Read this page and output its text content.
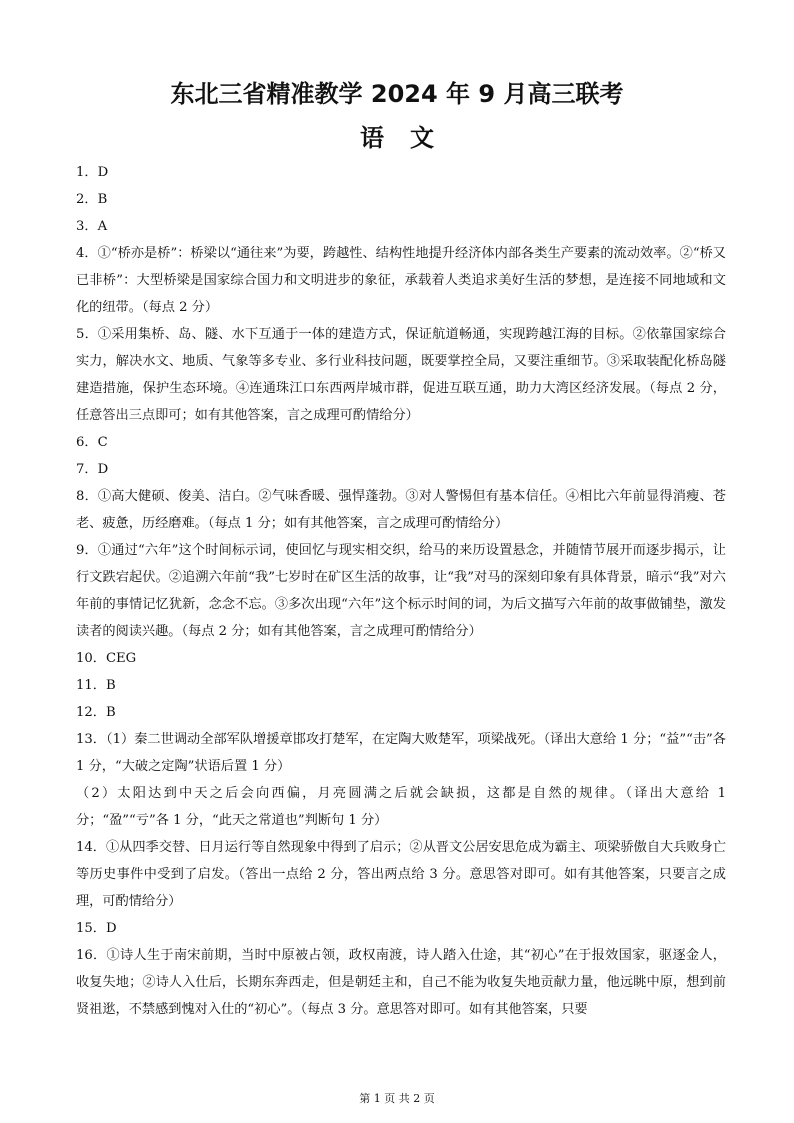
东北三省精准教学 2024 年 9 月高三联考
语文

1．D

2．B

3．A

4．①“桥亦是桥”：桥梁以“通往来”为要，跨越性、结构性地提升经济体内部各类生产要素的流动效率。②“桥又已非桥”：大型桥梁是国家综合国力和文明进步的象征，承载着人类追求美好生活的梦想，是连接不同地域和文化的纽带。（每点 2 分）

5．①采用集桥、岛、隧、水下互通于一体的建造方式，保证航道畅通，实现跨越江海的目标。②依靠国家综合实力，解决水文、地质、气象等多专业、多行业科技问题，既要掌控全局，又要注重细节。③采取装配化桥岛隧建造措施，保护生态环境。④连通珠江口东西两岸城市群，促进互联互通，助力大湾区经济发展。（每点 2 分，任意答出三点即可；如有其他答案，言之成理可酌情给分）

6．C

7．D

8．①高大健硕、俊美、洁白。②气味香暖、强悍蓬勃。③对人警惕但有基本信任。④相比六年前显得消瘦、苍老、疲惫，历经磨难。（每点 1 分；如有其他答案，言之成理可酌情给分）

9．①通过“六年”这个时间标示词，使回忆与现实相交织，给马的来历设置悬念，并随情节展开而逐步揭示，让行文跌宕起伏。②追溯六年前“我”七岁时在矿区生活的故事，让“我”对马的深刻印象有具体背景，暗示“我”对六年前的事情记忆犹新，念念不忘。③多次出现“六年”这个标示时间的词，为后文描写六年前的故事做铺垫，激发读者的阅读兴趣。（每点 2 分；如有其他答案，言之成理可酌情给分）

10．CEG

11．B

12．B

13．（1）秦二世调动全部军队增援章邯攻打楚军，在定陶大败楚军，项梁战死。（译出大意给 1 分；“益”“击”各 1 分，“大破之定陶”状语后置 1 分）

（2）太阳达到中天之后会向西偏，月亮圆满之后就会缺损，这都是自然的规律。（译出大意给 1 分；“盈”“亏”各 1 分，“此天之常道也”判断句 1 分）

14．①从四季交替、日月运行等自然现象中得到了启示；②从晋文公居安思危成为霸主、项梁骄傲自大兵败身亡等历史事件中受到了启发。（答出一点给 2 分，答出两点给 3 分。意思答对即可。如有其他答案，只要言之成理，可酌情给分）

15．D

16．①诗人生于南宋前期，当时中原被占领，政权南渡，诗人踏入仕途，其“初心”在于报效国家，驱逐金人，收复失地；②诗人入仕后，长期东奔西走，但是朝廷主和，自己不能为收复失地贡献力量，他远眺中原，想到前贤祖逖，不禁感到愧对入仕的“初心”。（每点 3 分。意思答对即可。如有其他答案，只要

第 1 页 共 2 页
